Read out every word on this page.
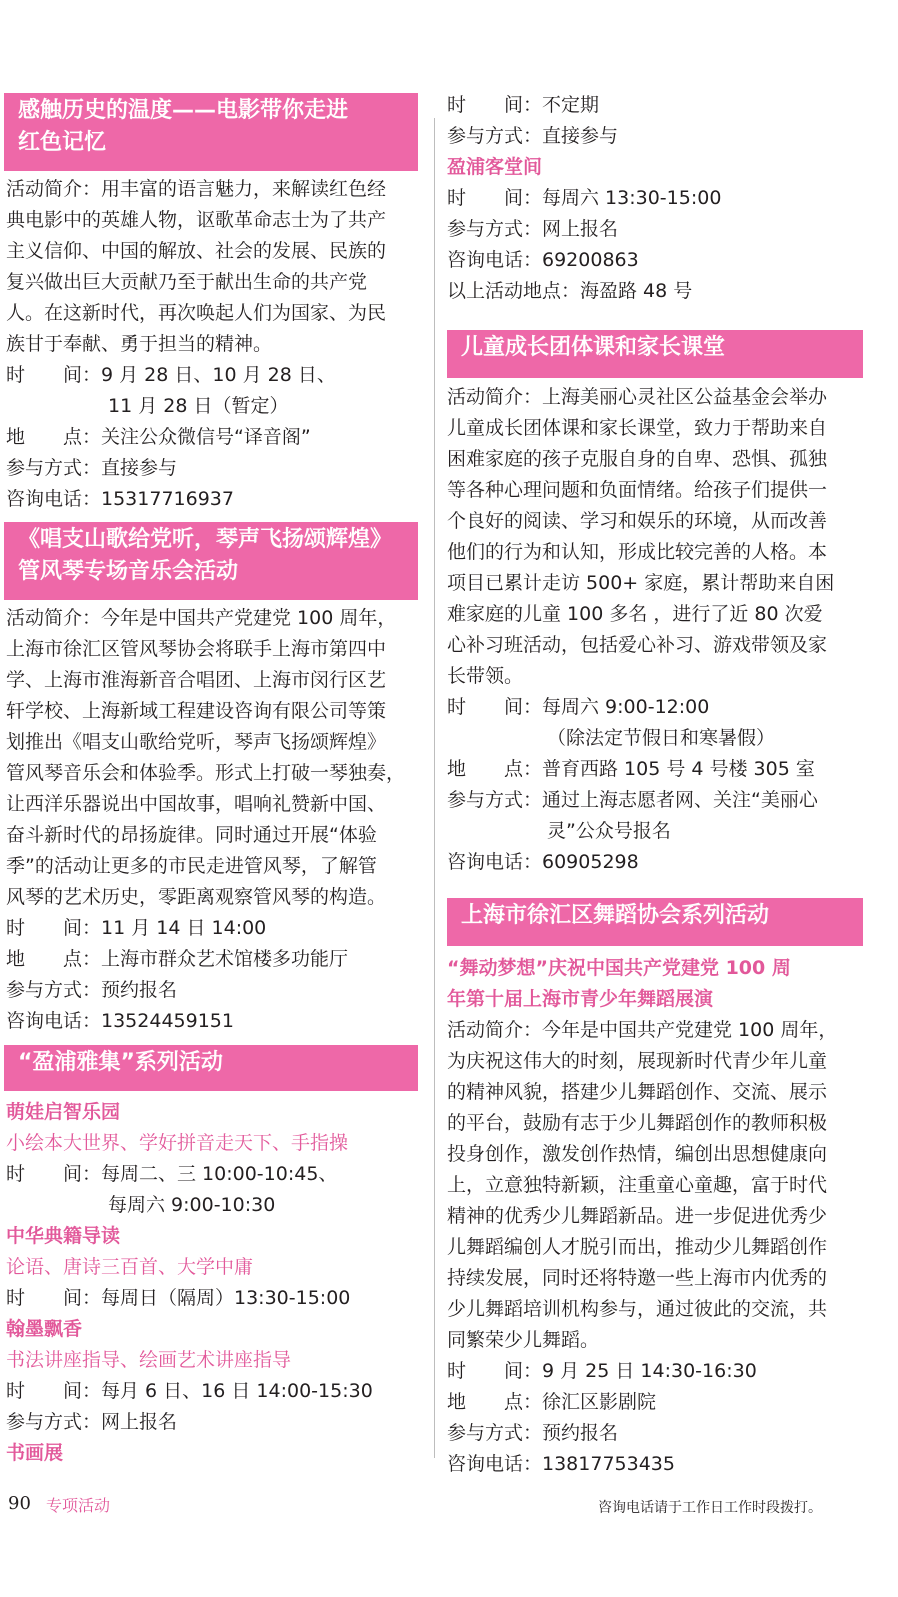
感触历史的温度——电影带你走进
红色记忆
活动简介：用丰富的语言魅力，来解读红色经
典电影中的英雄人物，讴歌革命志士为了共产
主义信仰、中国的解放、社会的发展、民族的
复兴做出巨大贡献乃至于献出生命的共产党
人。在这新时代，再次唤起人们为国家、为民
族甘于奉献、勇于担当的精神。
时　　间：9 月 28 日、10 月 28 日、
11 月 28 日（暂定）
地　　点：关注公众微信号“译音阁”
参与方式：直接参与
咨询电话：15317716937
《唱支山歌给党听，琴声飞扬颂辉煌》
管风琴专场音乐会活动
活动简介：今年是中国共产党建党 100 周年，
上海市徐汇区管风琴协会将联手上海市第四中
学、上海市淮海新音合唱团、上海市闵行区艺
轩学校、上海新域工程建设咨询有限公司等策
划推出《唱支山歌给党听，琴声飞扬颂辉煌》
管风琴音乐会和体验季。形式上打破一琴独奏，
让西洋乐器说出中国故事，唱响礼赞新中国、
奋斗新时代的昂扬旋律。同时通过开展“体验
季”的活动让更多的市民走进管风琴，了解管
风琴的艺术历史，零距离观察管风琴的构造。
时　　间：11 月 14 日 14:00
地　　点：上海市群众艺术馆楼多功能厅
参与方式：预约报名
咨询电话：13524459151
“盈浦雅集”系列活动
萌娃启智乐园
小绘本大世界、学好拼音走天下、手指操
时　　间：每周二、三 10:00-10:45、
每周六 9:00-10:30
中华典籍导读
论语、唐诗三百首、大学中庸
时　　间：每周日（隔周）13:30-15:00
翰墨飘香
书法讲座指导、绘画艺术讲座指导
时　　间：每月 6 日、16 日 14:00-15:30
参与方式：网上报名
书画展
时　　间：不定期
参与方式：直接参与
盈浦客堂间
时　　间：每周六 13:30-15:00
参与方式：网上报名
咨询电话：69200863
以上活动地点：海盈路 48 号
儿童成长团体课和家长课堂
活动简介：上海美丽心灵社区公益基金会举办
儿童成长团体课和家长课堂，致力于帮助来自
困难家庭的孩子克服自身的自卑、恐惧、孤独
等各种心理问题和负面情绪。给孩子们提供一
个良好的阅读、学习和娱乐的环境，从而改善
他们的行为和认知，形成比较完善的人格。本
项目已累计走访 500+ 家庭，累计帮助来自困
难家庭的儿童 100 多名 ，进行了近 80 次爱
心补习班活动，包括爱心补习、游戏带领及家
长带领。
时　　间：每周六 9:00-12:00
（除法定节假日和寒暑假）
地　　点：普育西路 105 号 4 号楼 305 室
参与方式：通过上海志愿者网、关注“美丽心
灵”公众号报名
咨询电话：60905298
上海市徐汇区舞蹈协会系列活动
“舞动梦想”庆祝中国共产党建党 100 周
年第十届上海市青少年舞蹈展演
活动简介：今年是中国共产党建党 100 周年，
为庆祝这伟大的时刻，展现新时代青少年儿童
的精神风貌，搭建少儿舞蹈创作、交流、展示
的平台，鼓励有志于少儿舞蹈创作的教师积极
投身创作，激发创作热情，编创出思想健康向
上，立意独特新颖，注重童心童趣，富于时代
精神的优秀少儿舞蹈新品。进一步促进优秀少
儿舞蹈编创人才脱引而出，推动少儿舞蹈创作
持续发展，同时还将特邀一些上海市内优秀的
少儿舞蹈培训机构参与，通过彼此的交流，共
同繁荣少儿舞蹈。
时　　间：9 月 25 日 14:30-16:30
地　　点：徐汇区影剧院
参与方式：预约报名
咨询电话：13817753435
90 专项活动	咨询电话请于工作日工作时段拨打。
